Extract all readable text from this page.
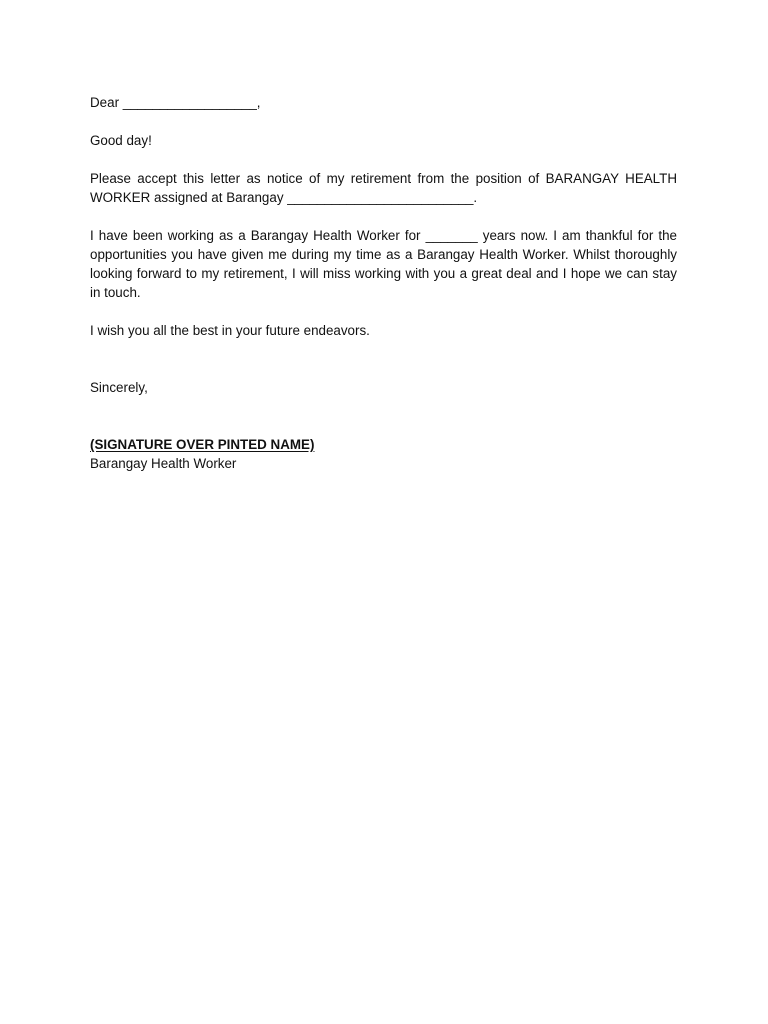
Dear __________________,

Good day!

Please accept this letter as notice of my retirement from the position of BARANGAY HEALTH WORKER assigned at Barangay _________________________.

I have been working as a Barangay Health Worker for _______ years now. I am thankful for the opportunities you have given me during my time as a Barangay Health Worker. Whilst thoroughly looking forward to my retirement, I will miss working with you a great deal and I hope we can stay in touch.

I wish you all the best in your future endeavors.

Sincerely,

(SIGNATURE OVER PINTED NAME)

Barangay Health Worker
